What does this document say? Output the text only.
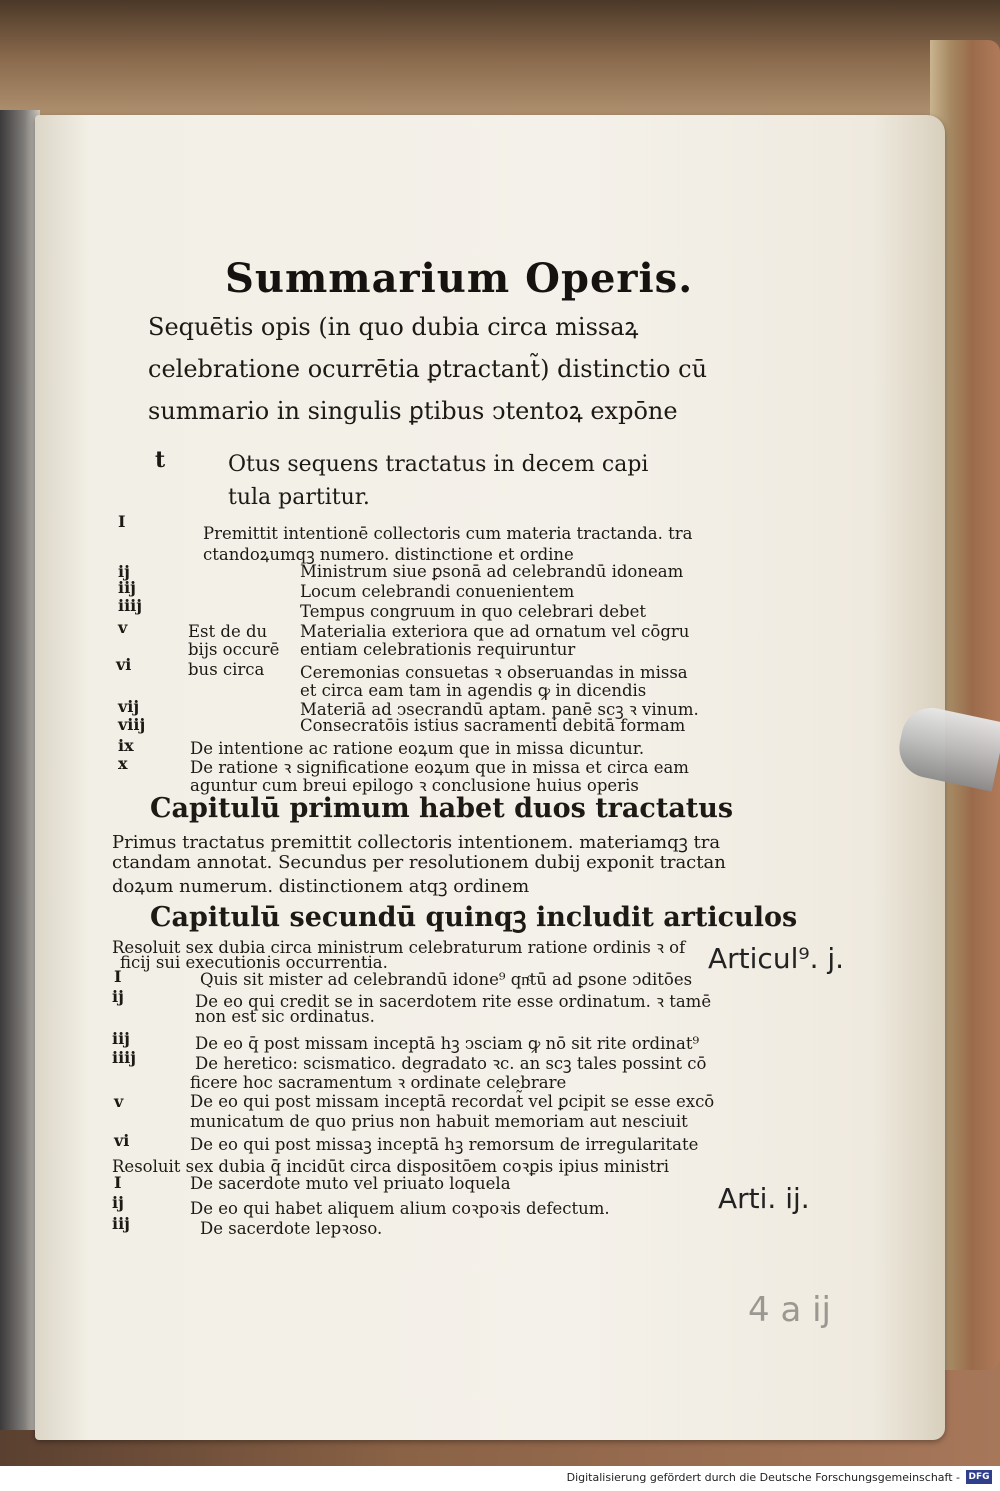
Summarium Operis.
Sequētis opis (in quo dubia circa missaꝝ celebratione ocurrētia ꝑtractant̃) distinctio cū summario in singulis ꝑtibus ↄtentoꝝ expōne
t	Otus sequens tractatus in decem capi
tula partitur.
I
ij
iij
iiij
v
vi
vij
viij
ix
x
Premittit intentionē collectoris cum materia tractanda. tra
ctandoꝝumqꝫ numero. distinctione et ordine
Ministrum siue ꝑsonā ad celebrandū idoneam
Locum celebrandi conuenientem
Tempus congruum in quo celebrari debet
Materialia exteriora que ad ornatum vel cōgru
entiam celebrationis requiruntur
Ceremonias consuetas ꝛ obseruandas in missa
et circa eam tam in agendis ꝙ in dicendis
Materiā ad ↄsecrandū aptam. panē scꝫ ꝛ vinum.
Consecratōis istius sacramenti debitā formam
De intentione ac ratione eoꝝum que in missa dicuntur.
De ratione ꝛ significatione eoꝝum que in missa et circa eam
aguntur cum breui epilogo ꝛ conclusione huius operis
Est de du
bijs occurē
bus circa
Capitulū primum habet duos tractatus
Primus tractatus premittit collectoris intentionem. materiamqꝫ tra
ctandam annotat. Secundus per resolutionem dubij exponit tractan
doꝝum numerum. distinctionem atqꝫ ordinem
Capitulū secundū quinqꝫ includit articulos
Resoluit sex dubia circa ministrum celebraturum ratione ordinis ꝛ of
ficij sui executionis occurrentia.
I
ij
iij
iiij
v
vi
I
ij
iij
Quis sit mister ad celebrandū idone⁹ qnͨtū ad ꝑsone ↄditōes
De eo qui credit se in sacerdotem rite esse ordinatum. ꝛ tamē
non est sic ordinatus.
De eo q̄ post missam inceptā hꝫ ↄsciam ꝙ nō sit rite ordinat⁹
De heretico: scismatico. degradato ꝛc. an scꝫ tales possint cō
ficere hoc sacramentum ꝛ ordinate celebrare
De eo qui post missam inceptā recordat̃ vel ꝑcipit se esse excō
municatum de quo prius non habuit memoriam aut nesciuit
De eo qui post missaꝫ inceptā hꝫ remorsum de irregularitate
Resoluit sex dubia q̄ incidūt circa dispositōem coꝛꝑis ipius ministri
De sacerdote muto vel priuato loquela
De eo qui habet aliquem alium coꝛpoꝛis defectum.
De sacerdote lepꝛoso.
Articul⁹. j.
Arti. ij.
4 a ij
Digitalisierung gefördert durch die Deutsche Forschungsgemeinschaft - DFG
